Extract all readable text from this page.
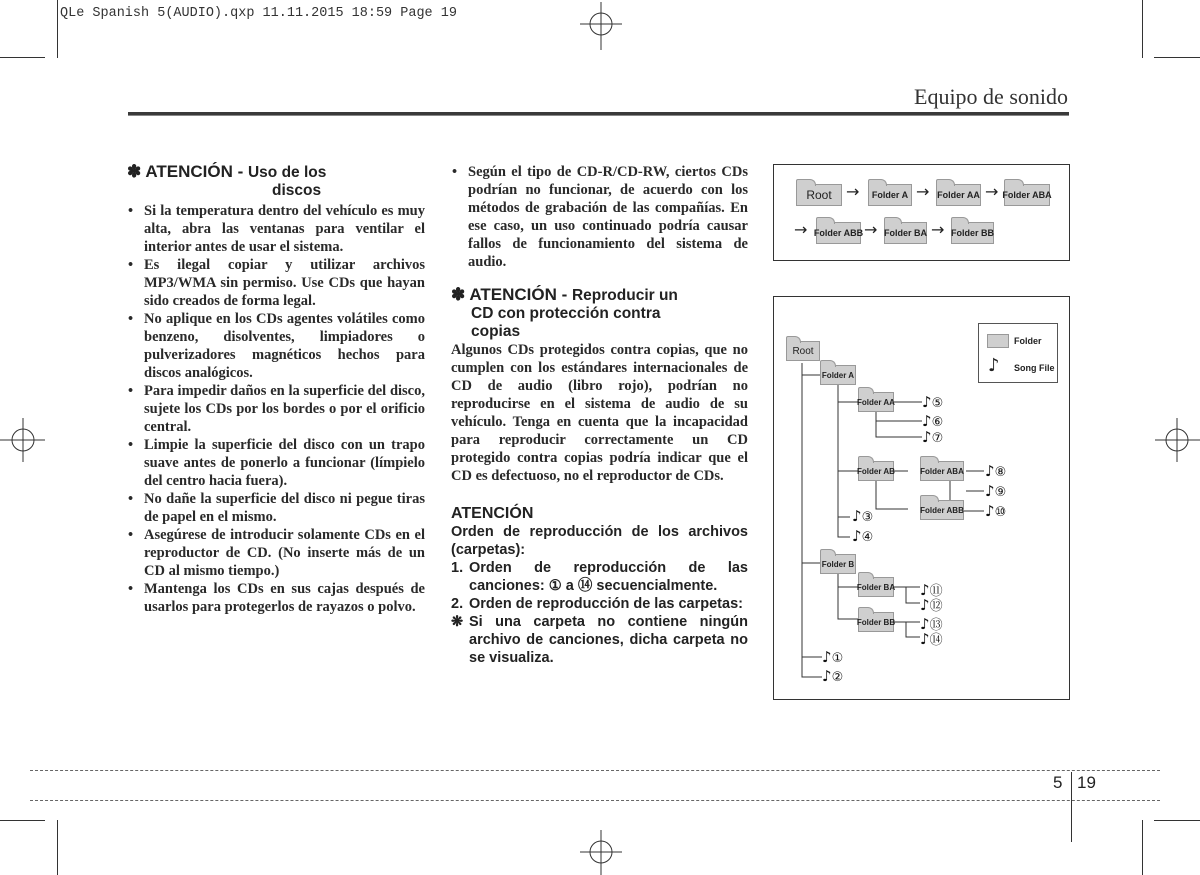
QLe Spanish 5(AUDIO).qxp 11.11.2015 18:59 Page 19
Equipo de sonido
✽ ATENCIÓN - Uso de los
discos
• Si la temperatura dentro del vehículo es muy alta, abra las ventanas para ventilar el interior antes de usar el sistema.
• Es ilegal copiar y utilizar archivos MP3/WMA sin permiso. Use CDs que hayan sido creados de forma legal.
• No aplique en los CDs agentes volátiles como benzeno, disolventes, limpiadores o pulverizadores magnéticos hechos para discos analógicos.
• Para impedir daños en la superficie del disco, sujete los CDs por los bordes o por el orificio central.
• Limpie la superficie del disco con un trapo suave antes de ponerlo a funcionar (límpielo del centro hacia fuera).
• No dañe la superficie del disco ni pegue tiras de papel en el mismo.
• Asegúrese de introducir solamente CDs en el reproductor de CD. (No inserte más de un CD al mismo tiempo.)
• Mantenga los CDs en sus cajas después de usarlos para protegerlos de rayazos o polvo.
• Según el tipo de CD-R/CD-RW, ciertos CDs podrían no funcionar, de acuerdo con los métodos de grabación de las compañías. En ese caso, un uso continuado podría causar fallos de funcionamiento del sistema de audio.
✽ ATENCIÓN - Reproducir un
CD con protección contra
copias

Algunos CDs protegidos contra copias, que no cumplen con los estándares internacionales de CD de audio (libro rojo), podrían no reproducirse en el sistema de audio de su vehículo. Tenga en cuenta que la incapacidad para reproducir correctamente un CD protegido contra copias podría indicar que el CD es defectuoso, no el reproductor de CDs.

ATENCIÓN
Orden de reproducción de los archivos (carpetas):
1. Orden de reproducción de las canciones: ① a ⑭ secuencialmente.
2. Orden de reproducción de las carpetas:
❋ Si una carpeta no contiene ningún archivo de canciones, dicha carpeta no se visualiza.
Root →	Folder A → Folder AA → Folder ABA
→ Folder ABB → Folder BA → Folder BB
Root
Folder A
Folder AA
Folder AB	Folder ABA
Folder ABB
Folder B
Folder BA
Folder BB
♪⑤
♪⑥
♪⑦
♪⑧
♪⑨
♪⑩
♪③
♪④
♪⑪
♪⑫
♪⑬
♪⑭
♪①
♪②
Folder
♪ Song File
5 19
